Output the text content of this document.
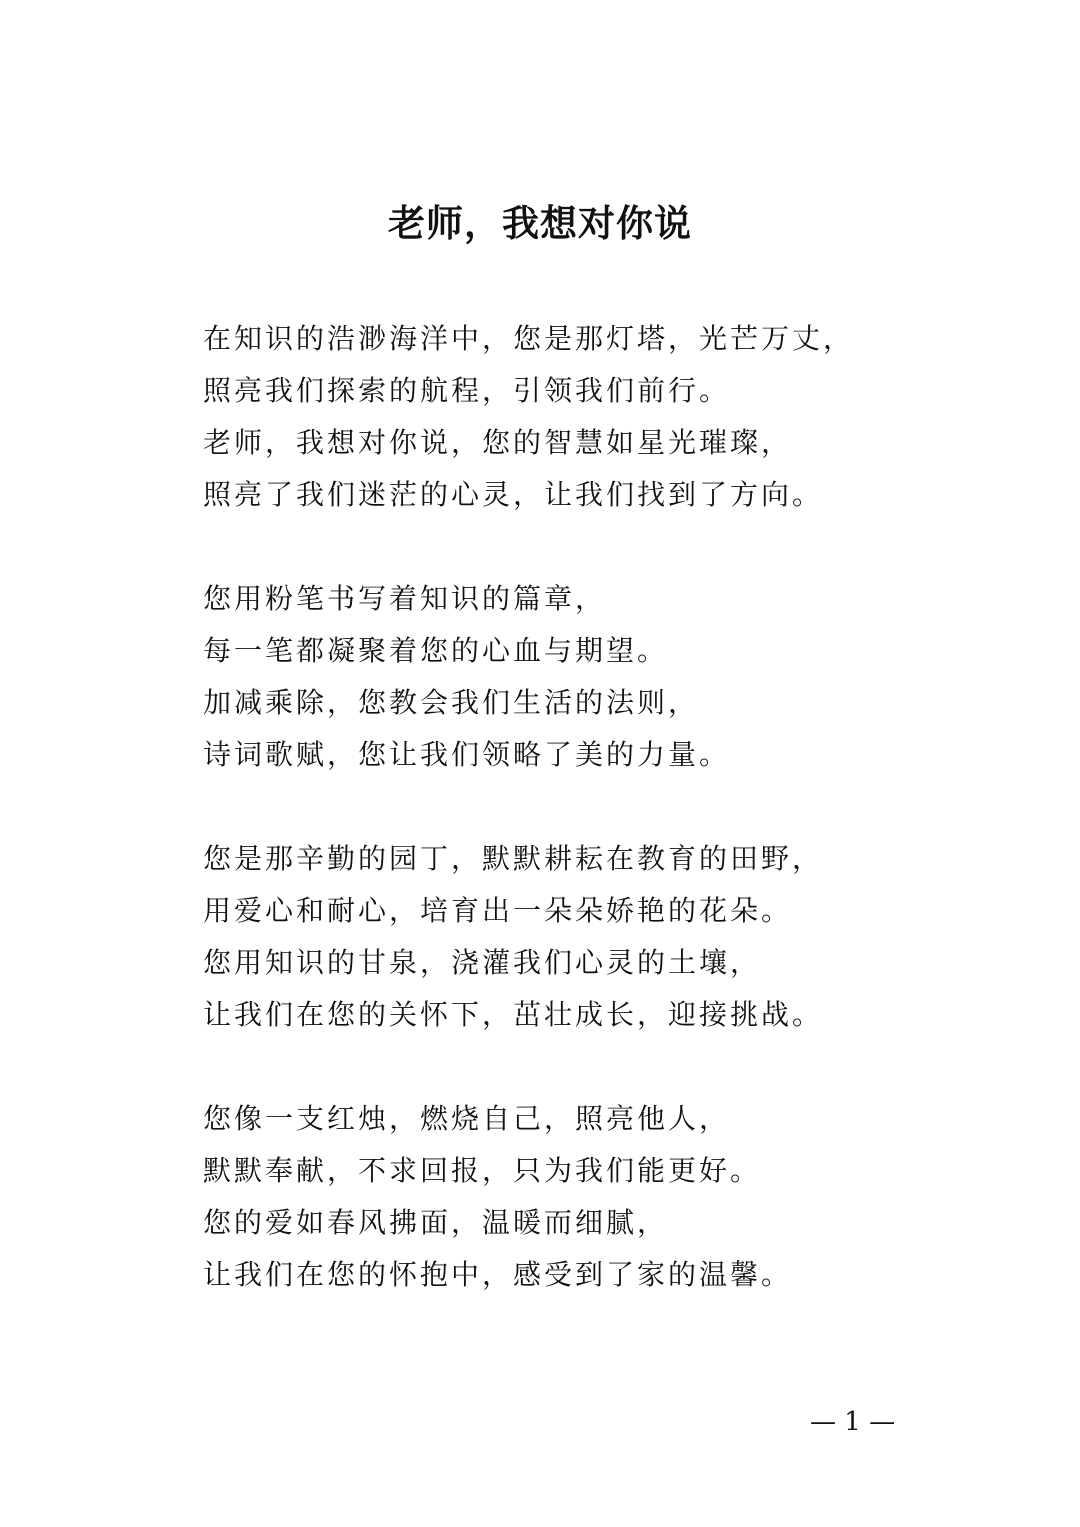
老师，我想对你说
在知识的浩渺海洋中，您是那灯塔，光芒万丈，
照亮我们探索的航程，引领我们前行。
老师，我想对你说，您的智慧如星光璀璨，
照亮了我们迷茫的心灵，让我们找到了方向。
您用粉笔书写着知识的篇章，
每一笔都凝聚着您的心血与期望。
加减乘除，您教会我们生活的法则，
诗词歌赋，您让我们领略了美的力量。
您是那辛勤的园丁，默默耕耘在教育的田野，
用爱心和耐心，培育出一朵朵娇艳的花朵。
您用知识的甘泉，浇灌我们心灵的土壤，
让我们在您的关怀下，茁壮成长，迎接挑战。
您像一支红烛，燃烧自己，照亮他人，
默默奉献，不求回报，只为我们能更好。
您的爱如春风拂面，温暖而细腻，
让我们在您的怀抱中，感受到了家的温馨。
— 1 —
